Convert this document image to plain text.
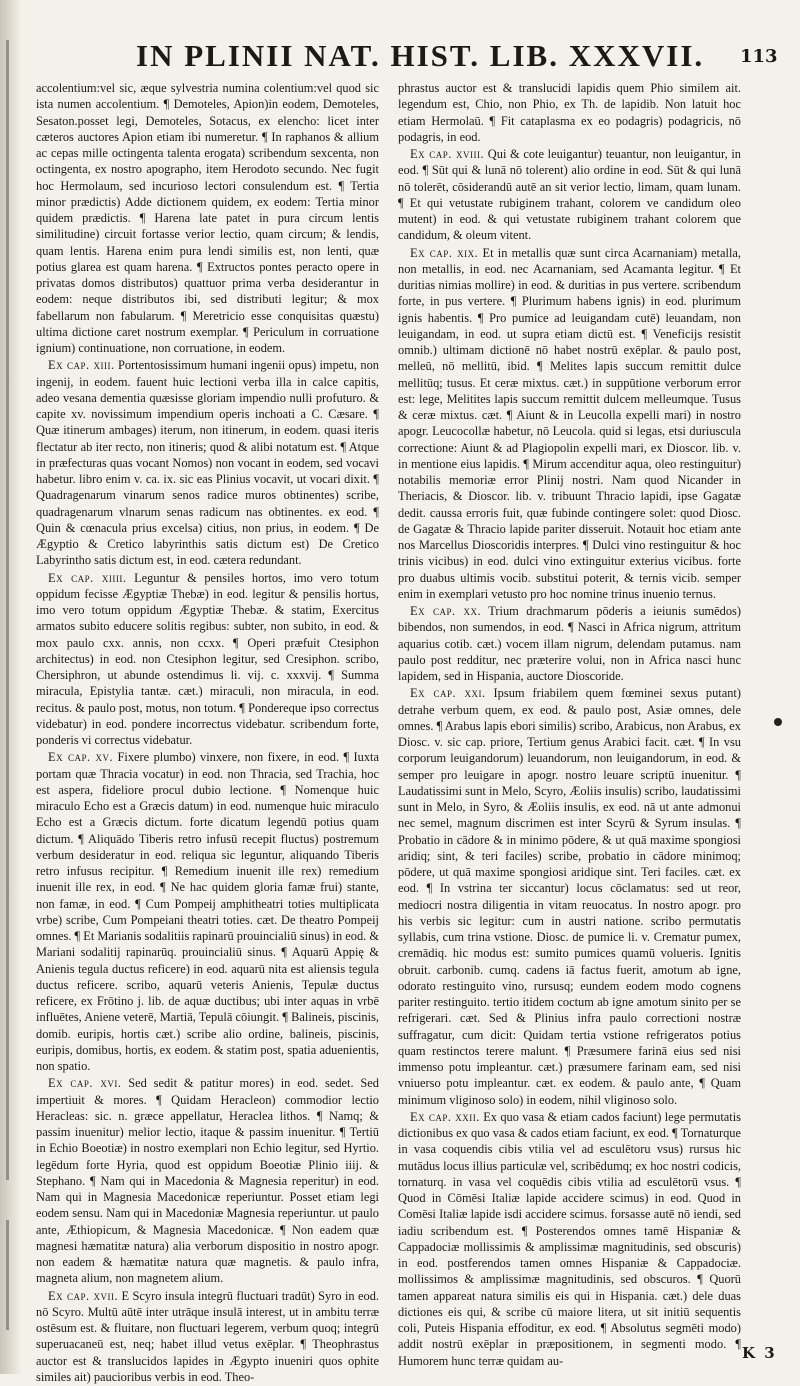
IN PLINII NAT. HIST. LIB. XXXVII.	113

accolentium:vel sic, æque sylvestria numina colentium:vel quod sic ista numen accolentium. ¶ Demoteles, Apion)in eodem, Demoteles, Sesaton.posset legi, Demoteles, Sotacus, ex elencho: licet inter cæteros auctores Apion etiam ibi numeretur. ¶ In raphanos & allium ac cepas mille octingenta talenta erogata) scribendum sexcenta, non octingenta, ex nostro apographo, item Herodoto secundo. Nec fugit hoc Hermolaum, sed incurioso lectori consulendum est. ¶ Tertia minor prædictis) Adde dictionem quidem, ex eodem: Tertia minor quidem prædictis. ¶ Harena late patet in pura circum lentis similitudine) circuit fortasse verior lectio, quam circum; & lendis, quam lentis. Harena enim pura lendi similis est, non lenti, quæ potius glarea est quam harena. ¶ Extructos pontes peracto opere in privatas domos distributos) quattuor prima verba desiderantur in eodem: neque distributos ibi, sed distributi legitur; & mox fabellarum non fabularum. ¶ Meretricio esse conquisitas quæstu) ultima dictione caret nostrum exemplar. ¶ Periculum in corruatione ignium) continuatione, non corruatione, in eodem.

Ex cap. xiii. Portentosissimum humani ingenii opus) impetu, non ingenij, in eodem. fauent huic lectioni verba illa in calce capitis, adeo vesana dementia quæsisse gloriam impendio nulli profuturo. & capite xv. novissimum impendium operis inchoati a C. Cæsare. ¶ Quæ itinerum ambages) iterum, non itinerum, in eodem. quasi iteris flectatur ab iter recto, non itineris; quod & alibi notatum est. ¶ Atque in præfecturas quas vocant Nomos) non vocant in eodem, sed vocavi habetur. libro enim v. ca. ix. sic eas Plinius vocavit, ut vocari dixit. ¶ Quadragenarum vinarum senos radice muros obtinentes) scribe, quadragenarum vlnarum senas radicum nas obtinentes. ex eod. ¶ Quin & cœnacula prius excelsa) citius, non prius, in eodem. ¶ De Ægyptio & Cretico labyrinthis satis dictum est) De Cretico Labyrintho satis dictum est, in eod. cætera redundant.

Ex cap. xiiii. Leguntur & pensiles hortos, imo vero totum oppidum fecisse Ægyptiæ Thebæ) in eod. legitur & pensilis hortus, imo vero totum oppidum Ægyptiæ Thebæ. & statim, Exercitus armatos subito educere solitis regibus: subter, non subito, in eod. & mox paulo cxx. annis, non ccxx. ¶ Operi præfuit Ctesiphon architectus) in eod. non Ctesiphon legitur, sed Cresiphon. scribo, Chersiphron, ut abunde ostendimus li. vij. c. xxxvij. ¶ Summa miracula, Epistylia tantæ. cæt.) miraculi, non miracula, in eod. recitus. & paulo post, motus, non totum. ¶ Pondereque ipso correctus videbatur) in eod. pondere incorrectus videbatur. scribendum forte, ponderis vi correctus videbatur.

Ex cap. xv. Fixere plumbo) vinxere, non fixere, in eod. ¶ Iuxta portam quæ Thracia vocatur) in eod. non Thracia, sed Trachia, hoc est aspera, fideliore procul dubio lectione. ¶ Nomenque huic miraculo Echo est a Græcis datum) in eod. numenque huic miraculo Echo est a Græcis dictum. forte dicatum legendū potius quam dictum. ¶ Aliquādo Tiberis retro infusū recepit fluctus) postremum verbum desideratur in eod. reliqua sic leguntur, aliquando Tiberis retro infusus recipitur. ¶ Remedium inuenit ille rex) remedium inuenit ille rex, in eod. ¶ Ne hac quidem gloria famæ frui) stante, non famæ, in eod. ¶ Cum Pompeij amphitheatri toties multiplicata vrbe) scribe, Cum Pompeiani theatri toties. cæt. De theatro Pompeij omnes. ¶ Et Marianis sodalitiis rapinarū prouincialiū sinus) in eod. & Mariani sodalitij rapinarūq. prouincialiū sinus. ¶ Aquarū Appię & Anienis tegula ductus reficere) in eod. aquarū nita est aliensis tegula ductus reficere. scribo, aquarū veteris Anienis, Tepulæ ductus reficere, ex Frōtino j. lib. de aquæ ductibus; ubi inter aquas in vrbē influētes, Aniene veterē, Martiā, Tepulā cōiungit. ¶ Balineis, piscinis, domib. euripis, hortis cæt.) scribe alio ordine, balineis, piscinis, euripis, domibus, hortis, ex eodem. & statim post, spatia aduenientis, non spatio.

Ex cap. xvi. Sed sedit & patitur mores) in eod. sedet. Sed impertiuit & mores. ¶ Quidam Heracleon) commodior lectio Heracleas: sic. n. græce appellatur, Heraclea lithos. ¶ Namq; & passim inuenitur) melior lectio, itaque & passim inuenitur. ¶ Tertiū in Echio Boeotiæ) in nostro exemplari non Echio legitur, sed Hyrtio. legēdum forte Hyria, quod est oppidum Boeotiæ Plinio iiij. & Stephano. ¶ Nam qui in Macedonia & Magnesia reperitur) in eod. Nam qui in Magnesia Macedonicæ reperiuntur. Posset etiam legi eodem sensu. Nam qui in Macedoniæ Magnesia reperiuntur. ut paulo ante, Æthiopicum, & Magnesia Macedonicæ. ¶ Non eadem quæ magnesi hæmatitæ natura) alia verborum dispositio in nostro apogr. non eadem & hæmatitæ natura quæ magnetis. & paulo infra, magneta alium, non magnetem alium.

Ex cap. xvii. E Scyro insula integrū fluctuari tradūt) Syro in eod. nō Scyro. Multū aūtē inter utrāque insulā interest, ut in ambitu terræ ostēsum est. & fluitare, non fluctuari legerem, verbum quoq; integrū superuacaneū est, neq; habet illud vetus exēplar. ¶ Theophrastus auctor est & translucidos lapides in Ægypto inueniri quos ophite similes ait) paucioribus verbis in eod. Theo-

phrastus auctor est & translucidi lapidis quem Phio similem ait. legendum est, Chio, non Phio, ex Th. de lapidib. Non latuit hoc etiam Hermolaū. ¶ Fit cataplasma ex eo podagris) podagricis, nō podagris, in eod.

Ex cap. xviii. Qui & cote leuigantur) teuantur, non leuigantur, in eod. ¶ Sūt qui & lunā nō tolerent) alio ordine in eod. Sūt & qui lunā nō tolerēt, cōsiderandū autē an sit verior lectio, limam, quam lunam. ¶ Et qui vetustate rubiginem trahant, colorem ve candidum oleo mutent) in eod. & qui vetustate rubiginem trahant colorem que candidum, & oleum vitent.

Ex cap. xix. Et in metallis quæ sunt circa Acarnaniam) metalla, non metallis, in eod. nec Acarnaniam, sed Acamanta legitur. ¶ Et duritias nimias mollire) in eod. & duritias in pus vertere. scribendum forte, in pus vertere. ¶ Plurimum habens ignis) in eod. plurimum ignis habentis. ¶ Pro pumice ad leuigandam cutē) leuandam, non leuigandam, in eod. ut supra etiam dictū est. ¶ Veneficijs resistit omnib.) ultimam dictionē nō habet nostrū exēplar. & paulo post, melleū, nō mellitū, ibid. ¶ Melites lapis succum remittit dulce mellitūq; tusus. Et ceræ mixtus. cæt.) in suppūtione verborum error est: lege, Melitites lapis succum remittit dulcem melleumque. Tusus & ceræ mixtus. cæt. ¶ Aiunt & in Leucolla expelli mari) in nostro apogr. Leucocollæ habetur, nō Leucola. quid si legas, etsi duriuscula correctione: Aiunt & ad Plagiopolin expelli mari, ex Dioscor. lib. v. in mentione eius lapidis. ¶ Mirum accenditur aqua, oleo restinguitur) notabilis memoriæ error Plinij nostri. Nam quod Nicander in Theriacis, & Dioscor. lib. v. tribuunt Thracio lapidi, ipse Gagatæ dedit. caussa erroris fuit, quæ fubinde contingere solet: quod Diosc. de Gagatæ & Thracio lapide pariter disseruit. Notauit hoc etiam ante nos Marcellus Dioscoridis interpres. ¶ Dulci vino restinguitur & hoc trinis vicibus) in eod. dulci vino extinguitur exterius vicibus. forte pro duabus ultimis vocib. substitui poterit, & ternis vicib. semper enim in exemplari vetusto pro hoc nomine trinus inuenio ternus.

Ex cap. xx. Trium drachmarum pōderis a ieiunis sumēdos) bibendos, non sumendos, in eod. ¶ Nasci in Africa nigrum, attritum aquarius cotib. cæt.) vocem illam nigrum, delendam putamus. nam paulo post redditur, nec præterire volui, non in Africa nasci hunc lapidem, sed in Hispania, auctore Dioscoride.

Ex cap. xxi. Ipsum friabilem quem fœminei sexus putant) detrahe verbum quem, ex eod. & paulo post, Asiæ omnes, dele omnes. ¶ Arabus lapis ebori similis) scribo, Arabicus, non Arabus, ex Diosc. v. sic cap. priore, Tertium genus Arabici facit. cæt. ¶ In vsu corporum leuigandorum) leuandorum, non leuigandorum, in eod. & semper pro leuigare in apogr. nostro leuare scriptū inuenitur. ¶ Laudatissimi sunt in Melo, Scyro, Æoliis insulis) scribo, laudatissimi sunt in Melo, in Syro, & Æoliis insulis, ex eod. nā ut ante admonui nec semel, magnum discrimen est inter Scyrū & Syrum insulas. ¶ Probatio in cādore & in minimo pōdere, & ut quā maxime spongiosi aridiq; sint, & teri faciles) scribe, probatio in cādore minimoq; pōdere, ut quā maxime spongiosi aridique sint. Teri faciles. cæt. ex eod. ¶ In vstrina ter siccantur) locus cōclamatus: sed ut reor, mediocri nostra diligentia in vitam reuocatus. In nostro apogr. pro his verbis sic legitur: cum in austri natione. scribo permutatis syllabis, cum trina vstione. Diosc. de pumice li. v. Crematur pumex, cremādiq. hic modus est: sumito pumices quamū volueris. Ignitis obruit. carbonib. cumq. cadens iā factus fuerit, amotum ab igne, odorato restinguito vino, rursusq; eundem eodem modo cognens pariter restinguito. tertio itidem coctum ab igne amotum sinito per se refrigerari. cæt. Sed & Plinius infra paulo correctioni nostræ suffragatur, cum dicit: Quidam tertia vstione refrigeratos potius quam restinctos terere malunt. ¶ Præsumere farinā eius sed nisi immenso potu impleantur. cæt.) præsumere farinam eam, sed nisi vniuerso potu impleantur. cæt. ex eodem. & paulo ante, ¶ Quam minimum vliginoso solo) in eodem, nihil vliginoso solo.

Ex cap. xxii. Ex quo vasa & etiam cados faciunt) lege permutatis dictionibus ex quo vasa & cados etiam faciunt, ex eod. ¶ Tornaturque in vasa coquendis cibis vtilia vel ad esculētoru vsus) rursus hic mutādus locus illius particulæ vel, scribēdumq; ex hoc nostri codicis, tornaturq. in vasa vel coquēdis cibis vtilia ad esculētorū vsus. ¶ Quod in Cōmēsi Italiæ lapide accidere scimus) in eod. Quod in Comēsi Italiæ lapide isdi accidere scimus. forsasse autē nō iendi, sed iadiu scribendum est. ¶ Posterendos omnes tamē Hispaniæ & Cappadociæ mollissimis & amplissimæ magnitudinis, sed obscuris) in eod. postferendos tamen omnes Hispaniæ & Cappadociæ. mollissimos & amplissimæ magnitudinis, sed obscuros. ¶ Quorū tamen appareat natura similis eis qui in Hispania. cæt.) dele duas dictiones eis qui, & scribe cū maiore litera, ut sit initiū sequentis coli, Puteis Hispania effoditur, ex eod. ¶ Absolutus segmēti modo) addit nostrū exēplar in præpositionem, in segmenti modo. ¶ Humorem hunc terræ quidam au-	K 3
